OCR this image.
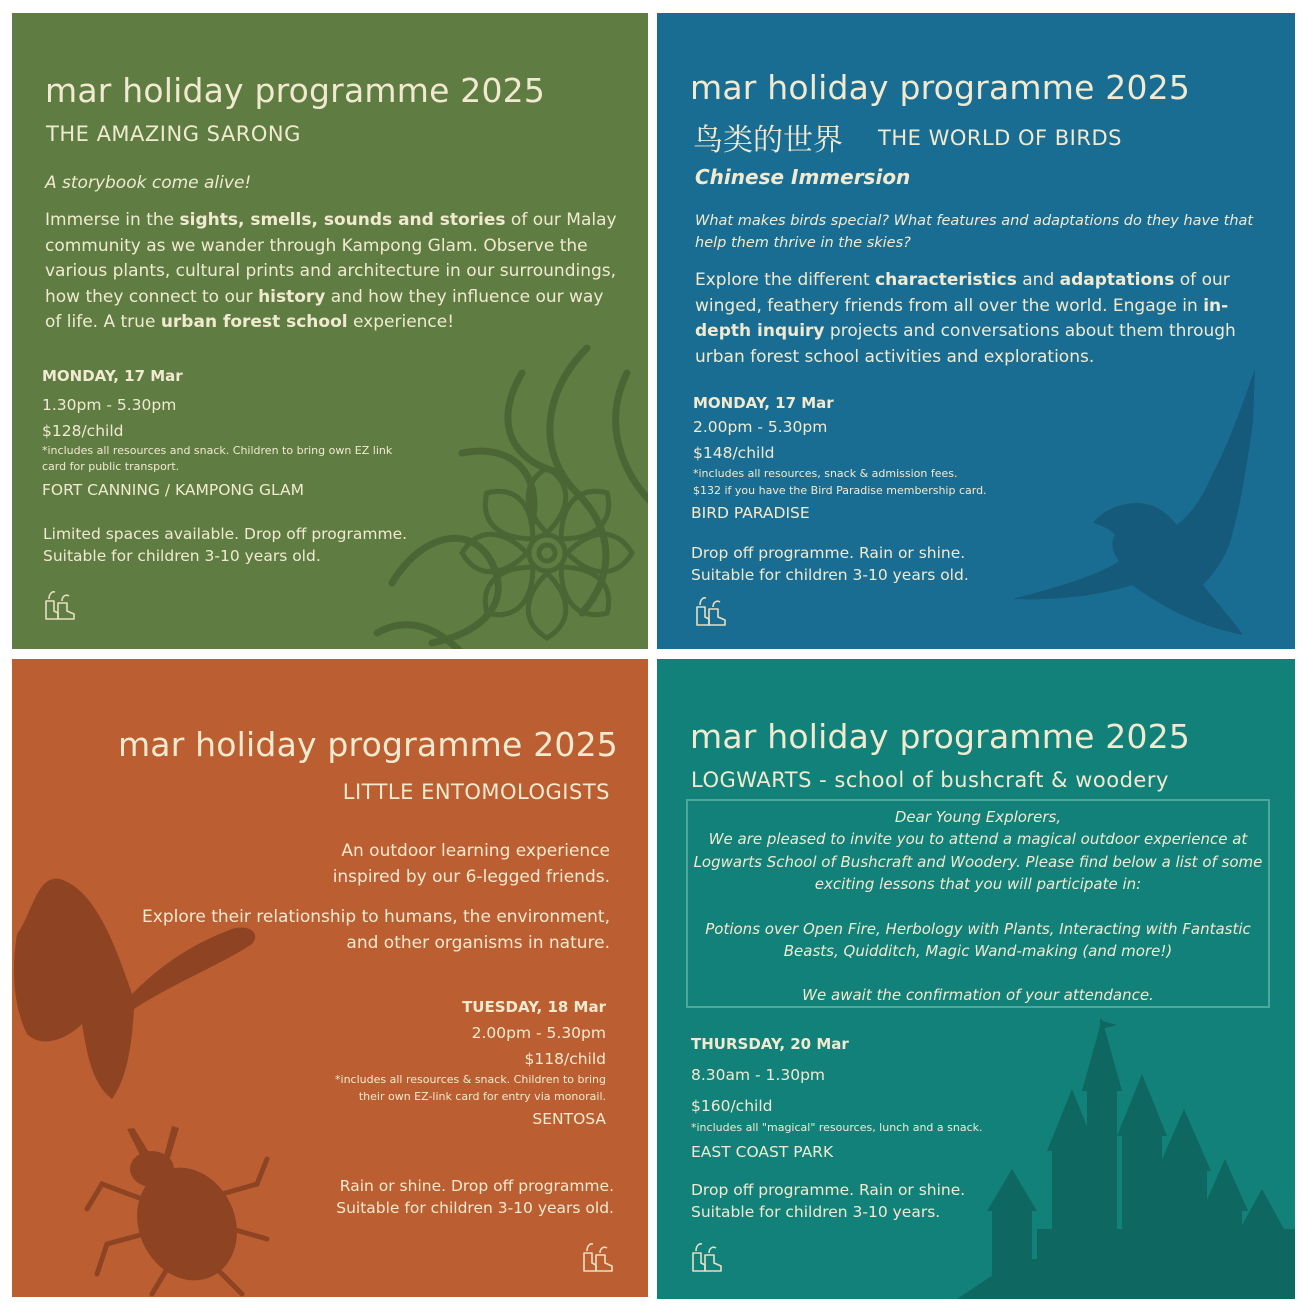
mar holiday programme 2025
THE AMAZING SARONG
A storybook come alive!

Immerse in the sights, smells, sounds and stories of our Malay community as we wander through Kampong Glam. Observe the various plants, cultural prints and architecture in our surroundings, how they connect to our history and how they influence our way of life. A true urban forest school experience!

MONDAY, 17 Mar
1.30pm - 5.30pm
$128/child
*includes all resources and snack. Children to bring own EZ link card for public transport.
FORT CANNING / KAMPONG GLAM
Limited spaces available. Drop off programme.
Suitable for children 3-10 years old.
mar holiday programme 2025
鸟类的世界 THE WORLD OF BIRDS
Chinese Immersion

What makes birds special? What features and adaptations do they have that help them thrive in the skies?

Explore the different characteristics and adaptations of our winged, feathery friends from all over the world. Engage in in-depth inquiry projects and conversations about them through urban forest school activities and explorations.

MONDAY, 17 Mar
2.00pm - 5.30pm
$148/child
*includes all resources, snack & admission fees.
$132 if you have the Bird Paradise membership card.
BIRD PARADISE
Drop off programme. Rain or shine.
Suitable for children 3-10 years old.
mar holiday programme 2025
LITTLE ENTOMOLOGISTS
An outdoor learning experience
inspired by our 6-legged friends.
Explore their relationship to humans, the environment,
and other organisms in nature.
TUESDAY, 18 Mar
2.00pm - 5.30pm
$118/child
*includes all resources & snack. Children to bring
their own EZ-link card for entry via monorail.
SENTOSA
Rain or shine. Drop off programme.
Suitable for children 3-10 years old.
mar holiday programme 2025
LOGWARTS - school of bushcraft & woodery
Dear Young Explorers,
We are pleased to invite you to attend a magical outdoor experience at
Logwarts School of Bushcraft and Woodery. Please find below a list of some
exciting lessons that you will participate in:
Potions over Open Fire, Herbology with Plants, Interacting with Fantastic
Beasts, Quidditch, Magic Wand-making (and more!)
We await the confirmation of your attendance.
THURSDAY, 20 Mar
8.30am - 1.30pm
$160/child
*includes all "magical" resources, lunch and a snack.
EAST COAST PARK
Drop off programme. Rain or shine.
Suitable for children 3-10 years.
